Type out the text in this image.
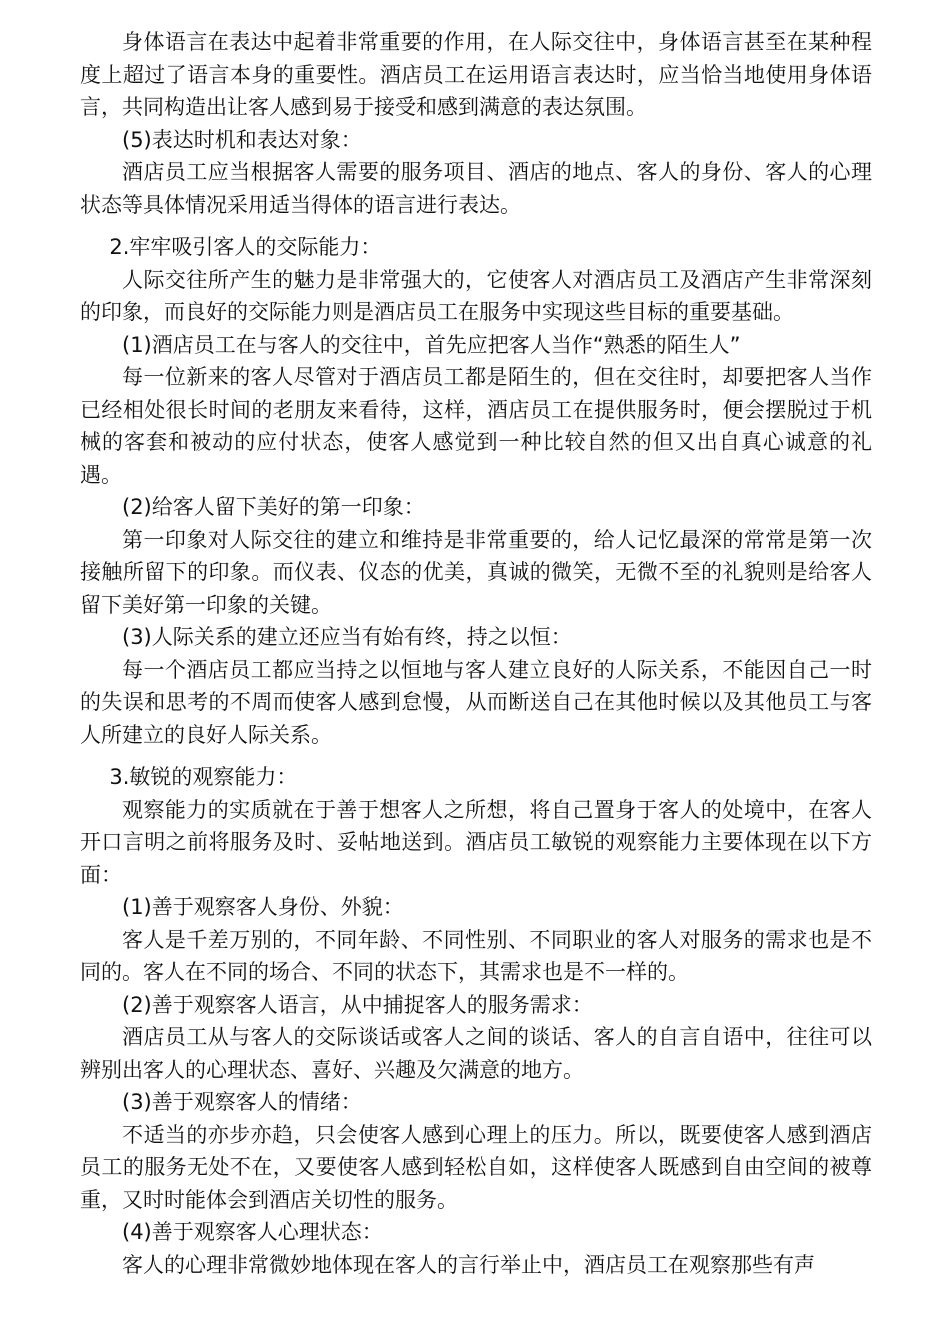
身体语言在表达中起着非常重要的作用，在人际交往中，身体语言甚至在某种程度上超过了语言本身的重要性。酒店员工在运用语言表达时，应当恰当地使用身体语言，共同构造出让客人感到易于接受和感到满意的表达氛围。

(5)表达时机和表达对象：

酒店员工应当根据客人需要的服务项目、酒店的地点、客人的身份、客人的心理状态等具体情况采用适当得体的语言进行表达。

2.牢牢吸引客人的交际能力：

人际交往所产生的魅力是非常强大的，它使客人对酒店员工及酒店产生非常深刻的印象，而良好的交际能力则是酒店员工在服务中实现这些目标的重要基础。

(1)酒店员工在与客人的交往中，首先应把客人当作“熟悉的陌生人”

每一位新来的客人尽管对于酒店员工都是陌生的，但在交往时，却要把客人当作已经相处很长时间的老朋友来看待，这样，酒店员工在提供服务时，便会摆脱过于机械的客套和被动的应付状态，使客人感觉到一种比较自然的但又出自真心诚意的礼遇。

(2)给客人留下美好的第一印象：

第一印象对人际交往的建立和维持是非常重要的，给人记忆最深的常常是第一次接触所留下的印象。而仪表、仪态的优美，真诚的微笑，无微不至的礼貌则是给客人留下美好第一印象的关键。

(3)人际关系的建立还应当有始有终，持之以恒：

每一个酒店员工都应当持之以恒地与客人建立良好的人际关系，不能因自己一时的失误和思考的不周而使客人感到怠慢，从而断送自己在其他时候以及其他员工与客人所建立的良好人际关系。

3.敏锐的观察能力：

观察能力的实质就在于善于想客人之所想，将自己置身于客人的处境中，在客人开口言明之前将服务及时、妥帖地送到。酒店员工敏锐的观察能力主要体现在以下方面：

(1)善于观察客人身份、外貌：

客人是千差万别的，不同年龄、不同性别、不同职业的客人对服务的需求也是不同的。客人在不同的场合、不同的状态下，其需求也是不一样的。

(2)善于观察客人语言，从中捕捉客人的服务需求：

酒店员工从与客人的交际谈话或客人之间的谈话、客人的自言自语中，往往可以辨别出客人的心理状态、喜好、兴趣及欠满意的地方。

(3)善于观察客人的情绪：

不适当的亦步亦趋，只会使客人感到心理上的压力。所以，既要使客人感到酒店员工的服务无处不在，又要使客人感到轻松自如，这样使客人既感到自由空间的被尊重，又时时能体会到酒店关切性的服务。

(4)善于观察客人心理状态：

客人的心理非常微妙地体现在客人的言行举止中，酒店员工在观察那些有声
